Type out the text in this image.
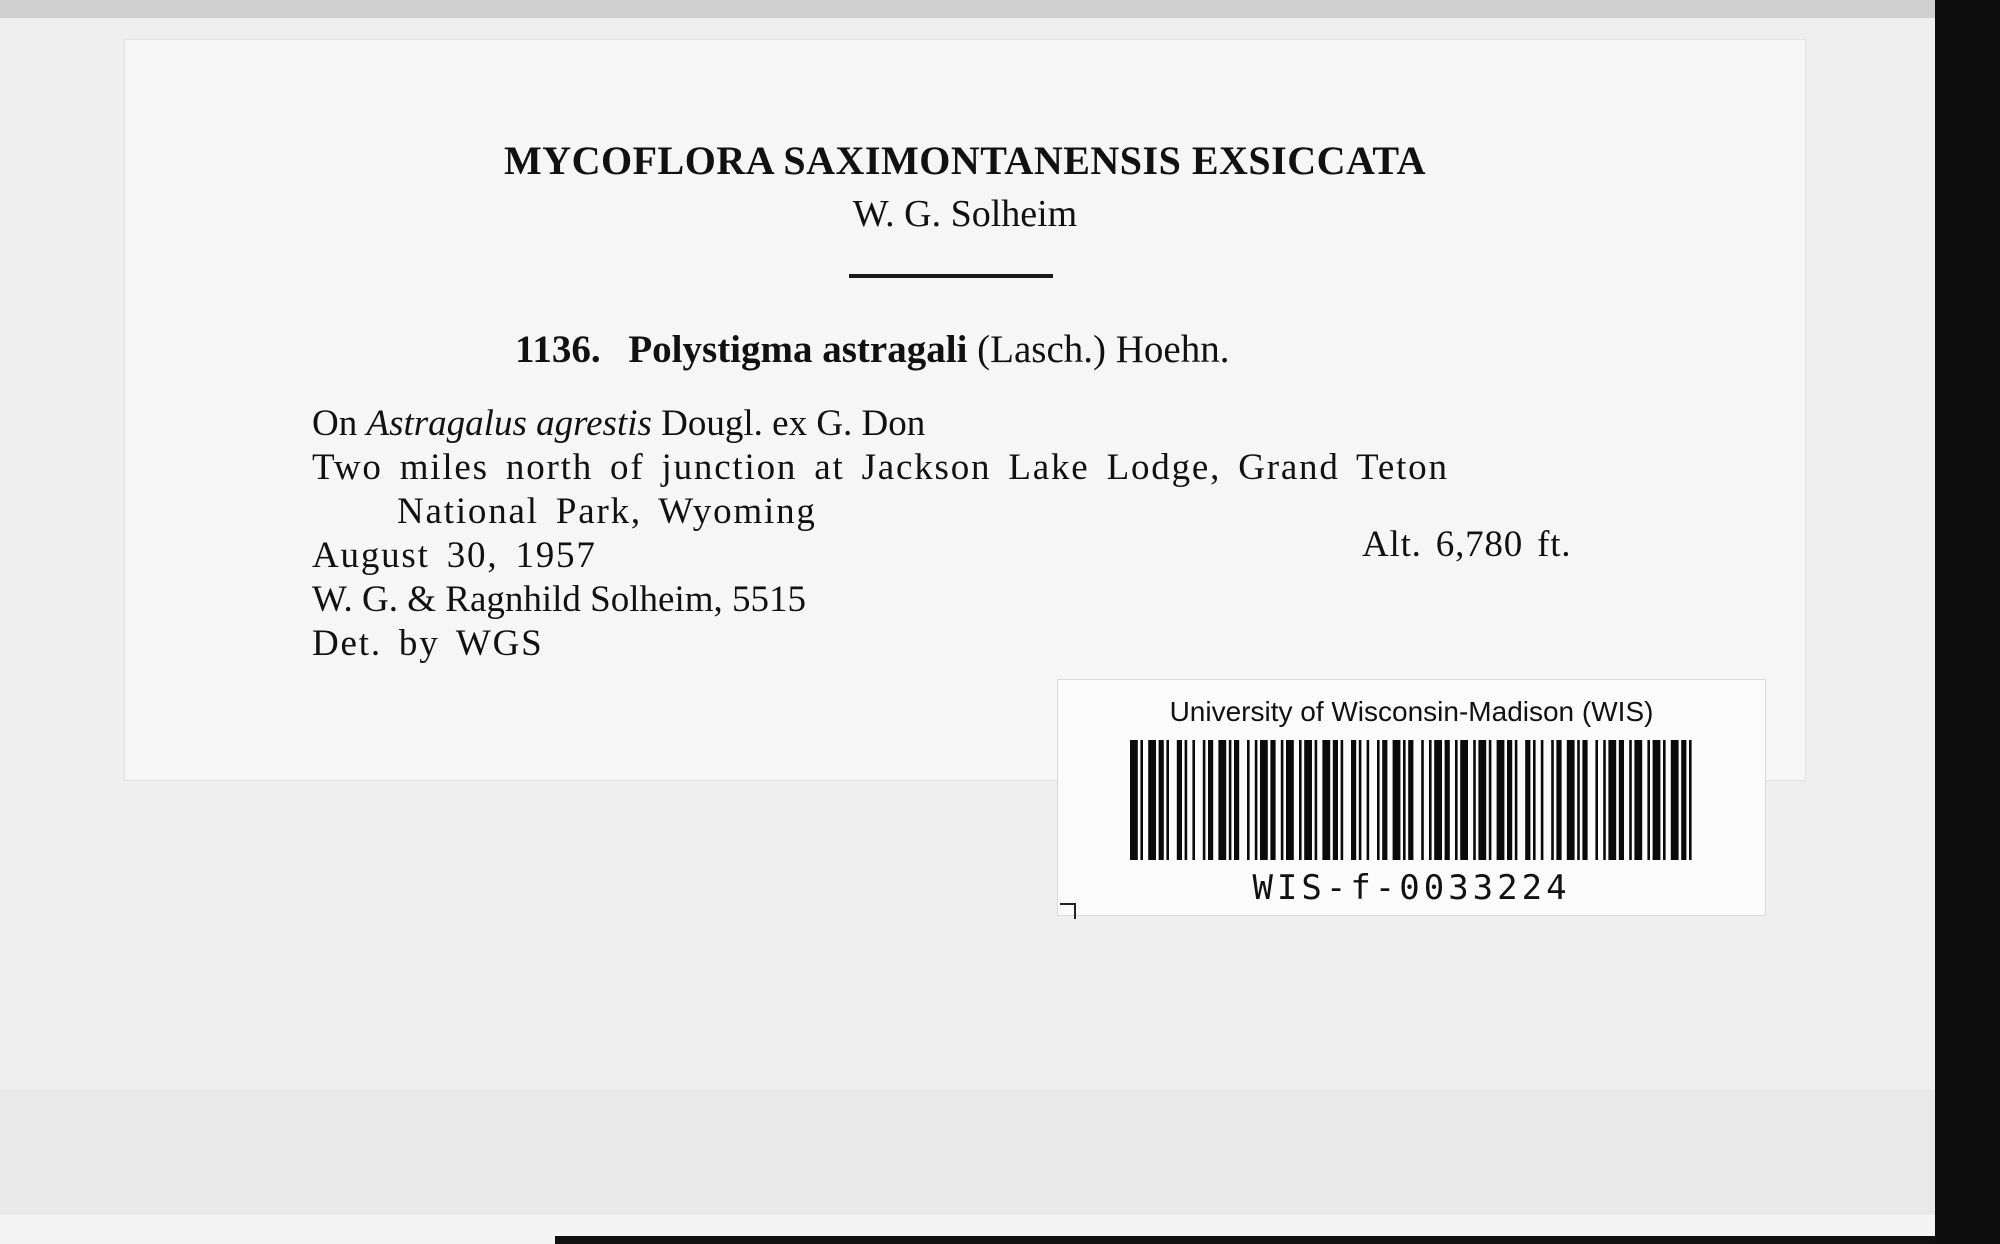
MYCOFLORA SAXIMONTANENSIS EXSICCATA
W. G. Solheim
1136. Polystigma astragali (Lasch.) Hoehn.
On Astragalus agrestis Dougl. ex G. Don
Two miles north of junction at Jackson Lake Lodge, Grand Teton
National Park, Wyoming
August 30, 1957
W. G. & Ragnhild Solheim, 5515
Det. by WGS
Alt. 6,780 ft.
University of Wisconsin-Madison (WIS)
WIS-f-0033224
